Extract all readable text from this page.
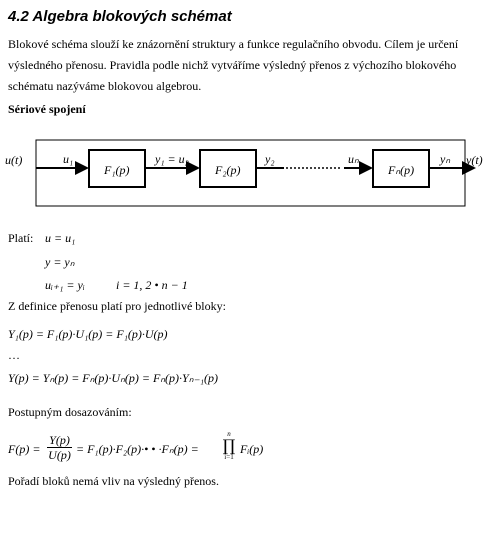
4.2 Algebra blokových schémat
Blokové schéma slouží ke znázornění struktury a funkce regulačního obvodu. Cílem je určení výsledného přenosu. Pravidla podle nichž vytváříme výsledný přenos z výchozího blokového schématu nazýváme blokovou algebrou.
Sériové spojení
u(t)	y(t)
F₁(p)	F₂(p)	Fₙ(p)
u₁	y₁ = u₂	y₂	uₙ	yₙ
Platí: u = u₁
y = yₙ
uᵢ₊₁ = yᵢ	i = 1, 2 • n − 1
Z definice přenosu platí pro jednotlivé bloky:
Y₁(p) = F₁(p)·U₁(p) = F₁(p)·U(p)
…
Y(p) = Yₙ(p) = Fₙ(p)·Uₙ(p) = Fₙ(p)·Yₙ₋₁(p)
Postupným dosazováním:
$F(p) = \frac{Y(p)}{U(p)}$ = F₁(p)·F₂(p)·• • ·Fₙ(p) =
n
∏
i=1
Fᵢ(p)
Pořadí bloků nemá vliv na výsledný přenos.
